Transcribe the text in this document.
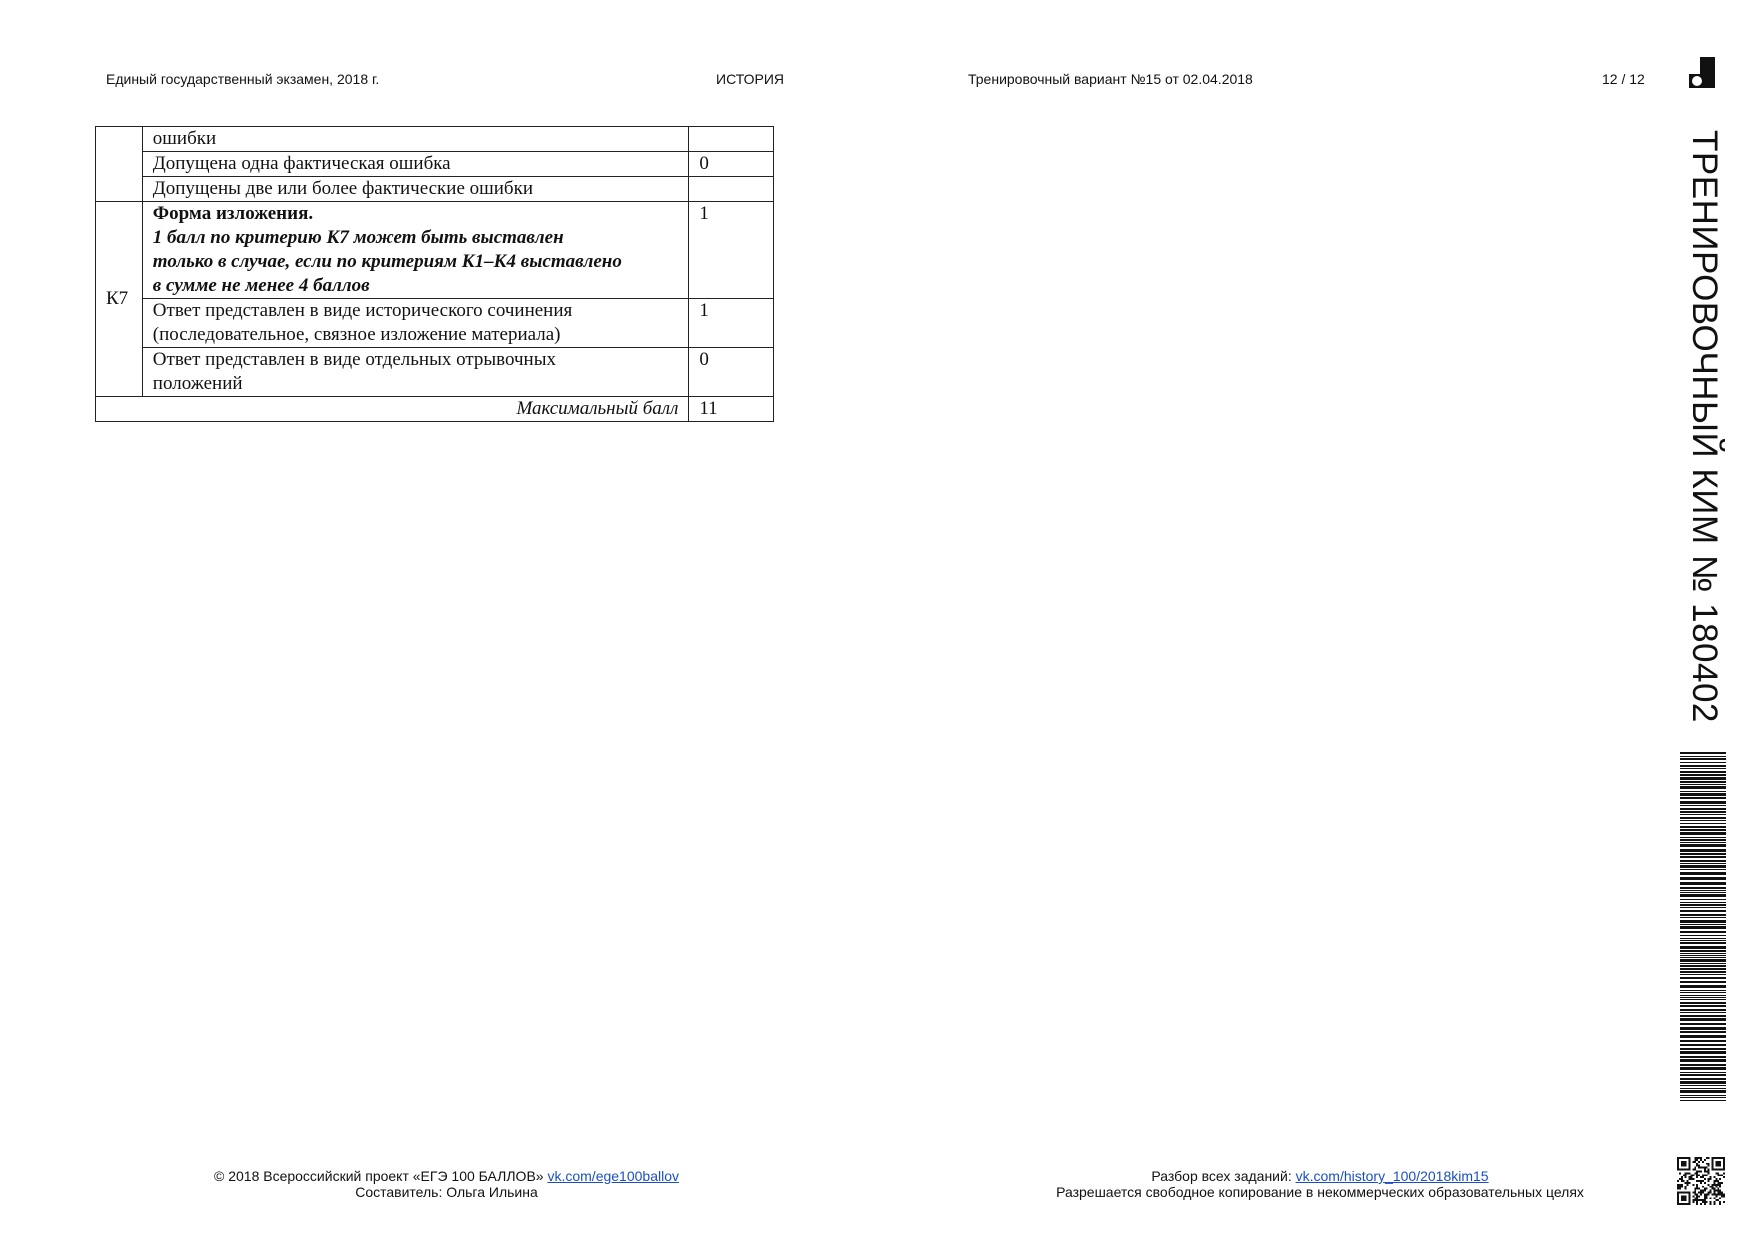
Единый государственный экзамен, 2018 г.	ИСТОРИЯ	Тренировочный вариант №15 от 02.04.2018	12 / 12
ТРЕНИРОВОЧНЫЙ КИМ № 180402

	ошибки	

	Допущена одна фактическая ошибка	0

	Допущены две или более фактические ошибки	

К7	Форма изложения.
1 балл по критерию К7 может быть выставлен
только в случае, если по критериям К1–К4 выставлено
в сумме не менее 4 баллов	1

	Ответ представлен в виде исторического сочинения
(последовательное, связное изложение материала)	1

	Ответ представлен в виде отдельных отрывочных
положений	0
Максимальный балл		11
© 2018 Всероссийский проект «ЕГЭ 100 БАЛЛОВ» vk.com/ege100ballov
Составитель: Ольга Ильина
Разбор всех заданий: vk.com/history_100/2018kim15
Разрешается свободное копирование в некоммерческих образовательных целях
